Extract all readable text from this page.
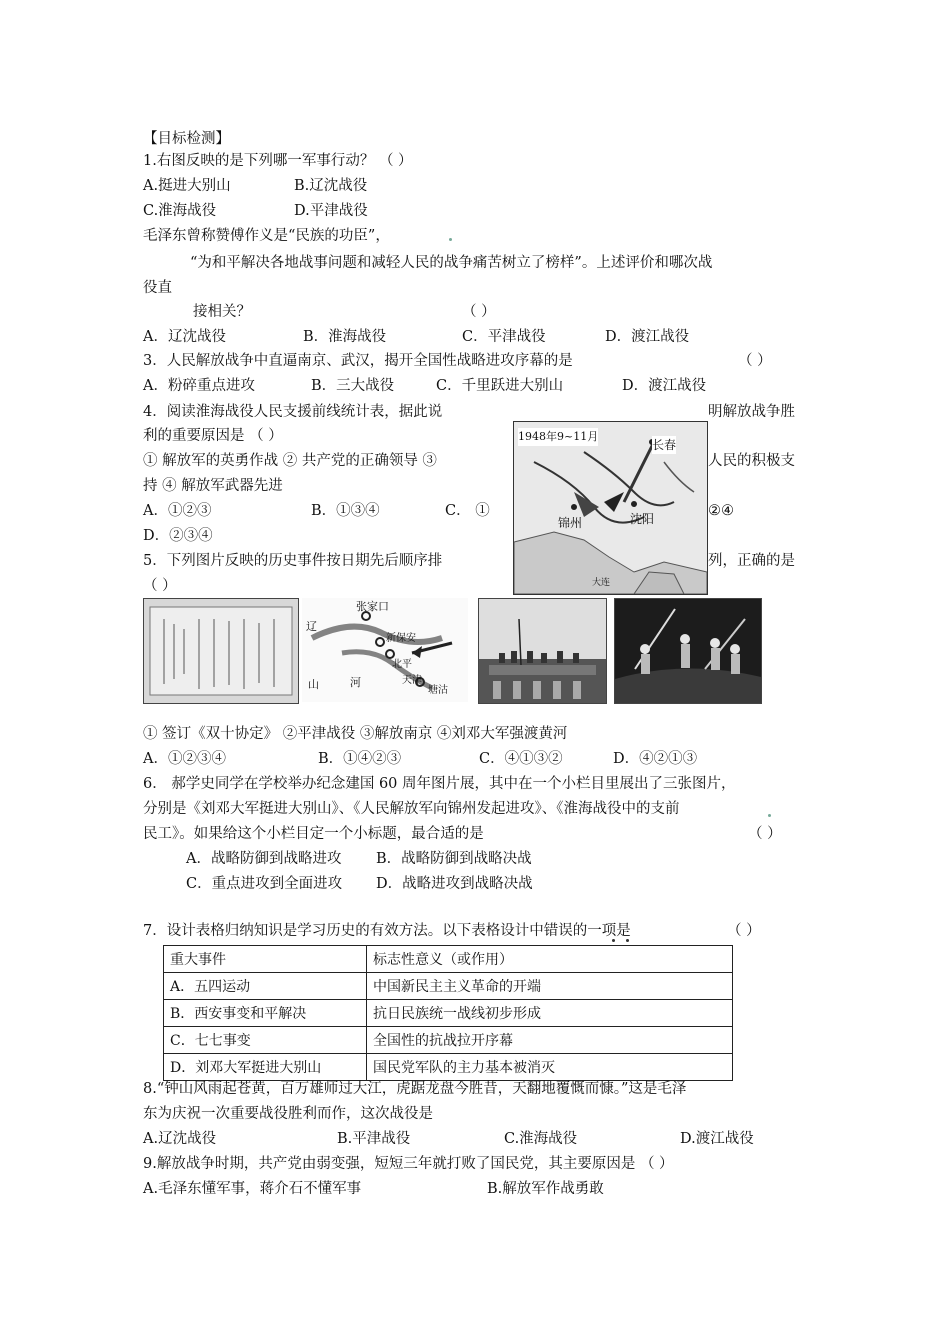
【目标检测】
1.右图反映的是下列哪一军事行动？ （ ）
A.挺进大别山	B.辽沈战役
C.淮海战役	D.平津战役
毛泽东曾称赞傅作义是“民族的功臣”，
“为和平解决各地战事问题和减轻人民的战争痛苦树立了榜样”。上述评价和哪次战
役直
接相关？	（ ）
A．辽沈战役	B．淮海战役	C．平津战役	D．渡江战役
3．人民解放战争中直逼南京、武汉，揭开全国性战略进攻序幕的是	（ ）
A．粉碎重点进攻	B．三大战役	C．千里跃进大别山	D．渡江战役
4．阅读淮海战役人民支援前线统计表，据此说	明解放战争胜
利的重要原因是 （ ）
① 解放军的英勇作战 ② 共产党的正确领导 ③	人民的积极支
持 ④ 解放军武器先进
A．①②③	B．①③④	C． ①	②④
D．②③④
1948年9~11月
长春
锦州	沈阳
大连
5．下列图片反映的历史事件按日期先后顺序排	列，正确的是
（ ）
张家口
新保安
北平
天津
塘沽
辽
山	河
① 签订《双十协定》 ②平津战役 ③解放南京 ④刘邓大军强渡黄河
A．①②③④	B．①④②③	C．④①③②	D．④②①③
6． 郝学史同学在学校举办纪念建国 60 周年图片展，其中在一个小栏目里展出了三张图片，
分别是《刘邓大军挺进大别山》、《人民解放军向锦州发起进攻》、《淮海战役中的支前
民工》。如果给这个小栏目定一个小标题，最合适的是	（ ）
A．战略防御到战略进攻 B．战略防御到战略决战
C．重点进攻到全面进攻 D．战略进攻到战略决战
7．设计表格归纳知识是学习历史的有效方法。以下表格设计中错误的一项是	（ ）
重大事件	标志性意义（或作用）
A．五四运动	中国新民主主义革命的开端
B．西安事变和平解决	抗日民族统一战线初步形成
C．七七事变	全国性的抗战拉开序幕
D．刘邓大军挺进大别山	国民党军队的主力基本被消灭
8.“钟山风雨起苍黄，百万雄师过大江，虎踞龙盘今胜昔，天翻地覆慨而慷。”这是毛泽
东为庆祝一次重要战役胜利而作，这次战役是
A.辽沈战役	B.平津战役	C.淮海战役	D.渡江战役
9.解放战争时期，共产党由弱变强，短短三年就打败了国民党，其主要原因是 （ ）
A.毛泽东懂军事，蒋介石不懂军事	B.解放军作战勇敢
